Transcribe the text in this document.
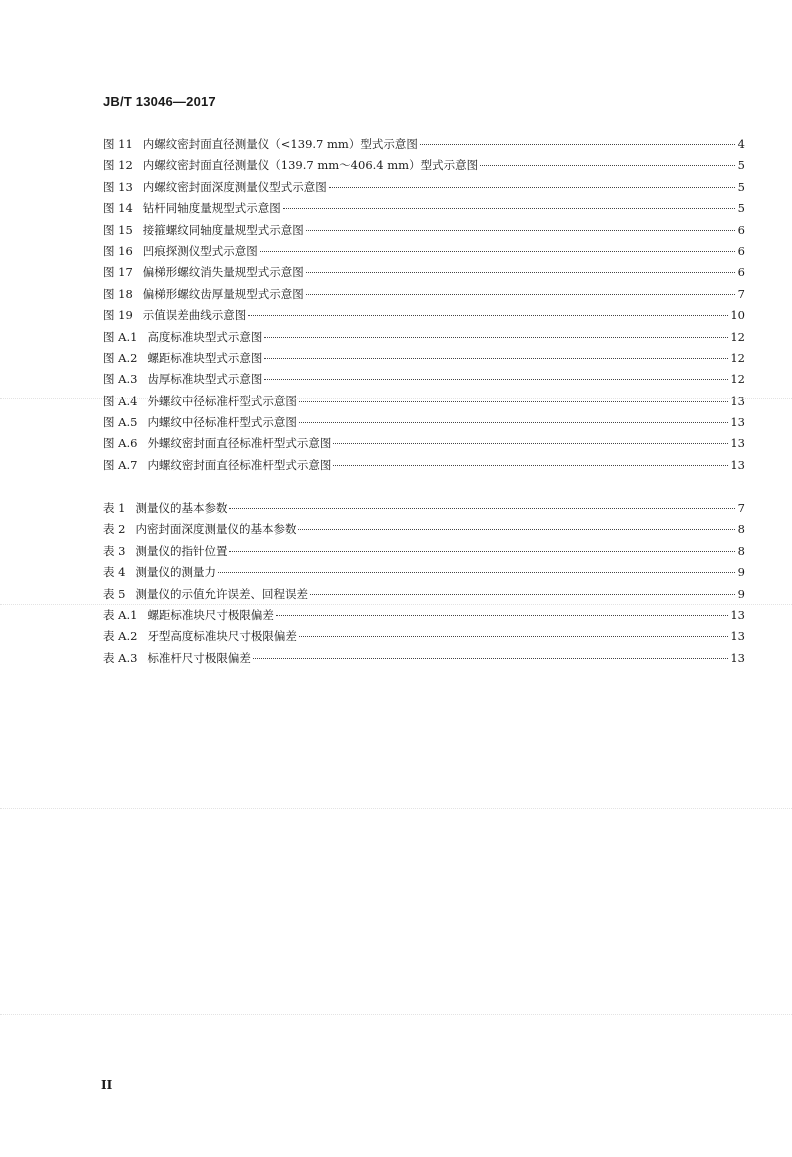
JB/T 13046—2017
图 11 内螺纹密封面直径测量仪（<139.7 mm）型式示意图	4
图 12 内螺纹密封面直径测量仪（139.7 mm～406.4 mm）型式示意图	5
图 13 内螺纹密封面深度测量仪型式示意图	5
图 14 钻杆同轴度量规型式示意图	5
图 15 接箍螺纹同轴度量规型式示意图	6
图 16 凹痕探测仪型式示意图	6
图 17 偏梯形螺纹消失量规型式示意图	6
图 18 偏梯形螺纹齿厚量规型式示意图	7
图 19 示值误差曲线示意图	10
图 A.1 高度标准块型式示意图	12
图 A.2 螺距标准块型式示意图	12
图 A.3 齿厚标准块型式示意图	12
图 A.4 外螺纹中径标准杆型式示意图	13
图 A.5 内螺纹中径标准杆型式示意图	13
图 A.6 外螺纹密封面直径标准杆型式示意图	13
图 A.7 内螺纹密封面直径标准杆型式示意图	13
表 1 测量仪的基本参数	7
表 2 内密封面深度测量仪的基本参数	8
表 3 测量仪的指针位置	8
表 4 测量仪的测量力	9
表 5 测量仪的示值允许误差、回程误差	9
表 A.1 螺距标准块尺寸极限偏差	13
表 A.2 牙型高度标准块尺寸极限偏差	13
表 A.3 标准杆尺寸极限偏差	13
II
